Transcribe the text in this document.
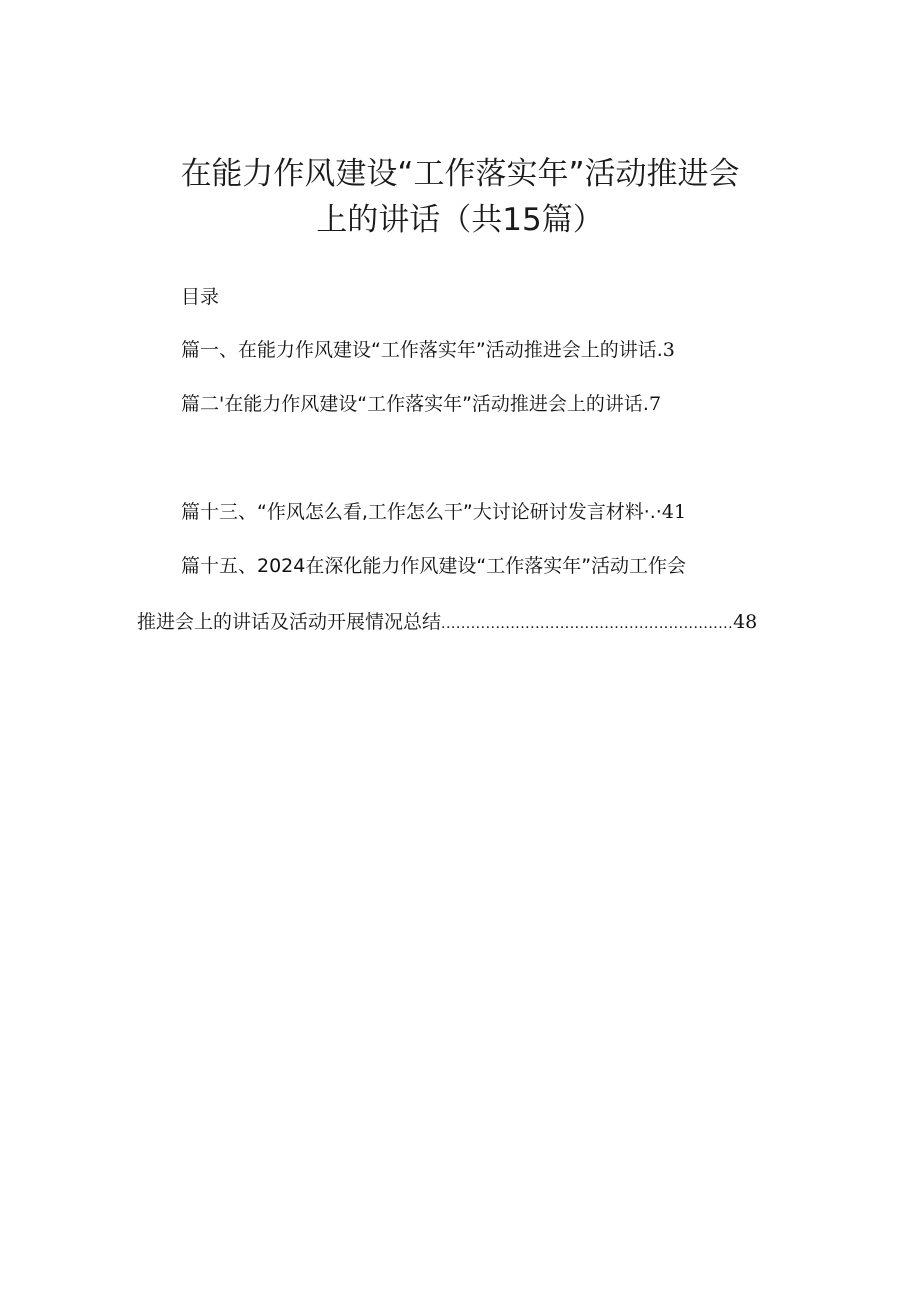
在能力作风建设“工作落实年”活动推进会
上的讲话（共15篇）
目录
篇一、在能力作风建设“工作落实年”活动推进会上的讲话.3
篇二'在能力作风建设“工作落实年”活动推进会上的讲话.7
篇十三、“作风怎么看,工作怎么干”大讨论研讨发言材料·.·41
篇十五、2024在深化能力作风建设“工作落实年”活动工作会
推进会上的讲话及活动开展情况总结...........................................................48
